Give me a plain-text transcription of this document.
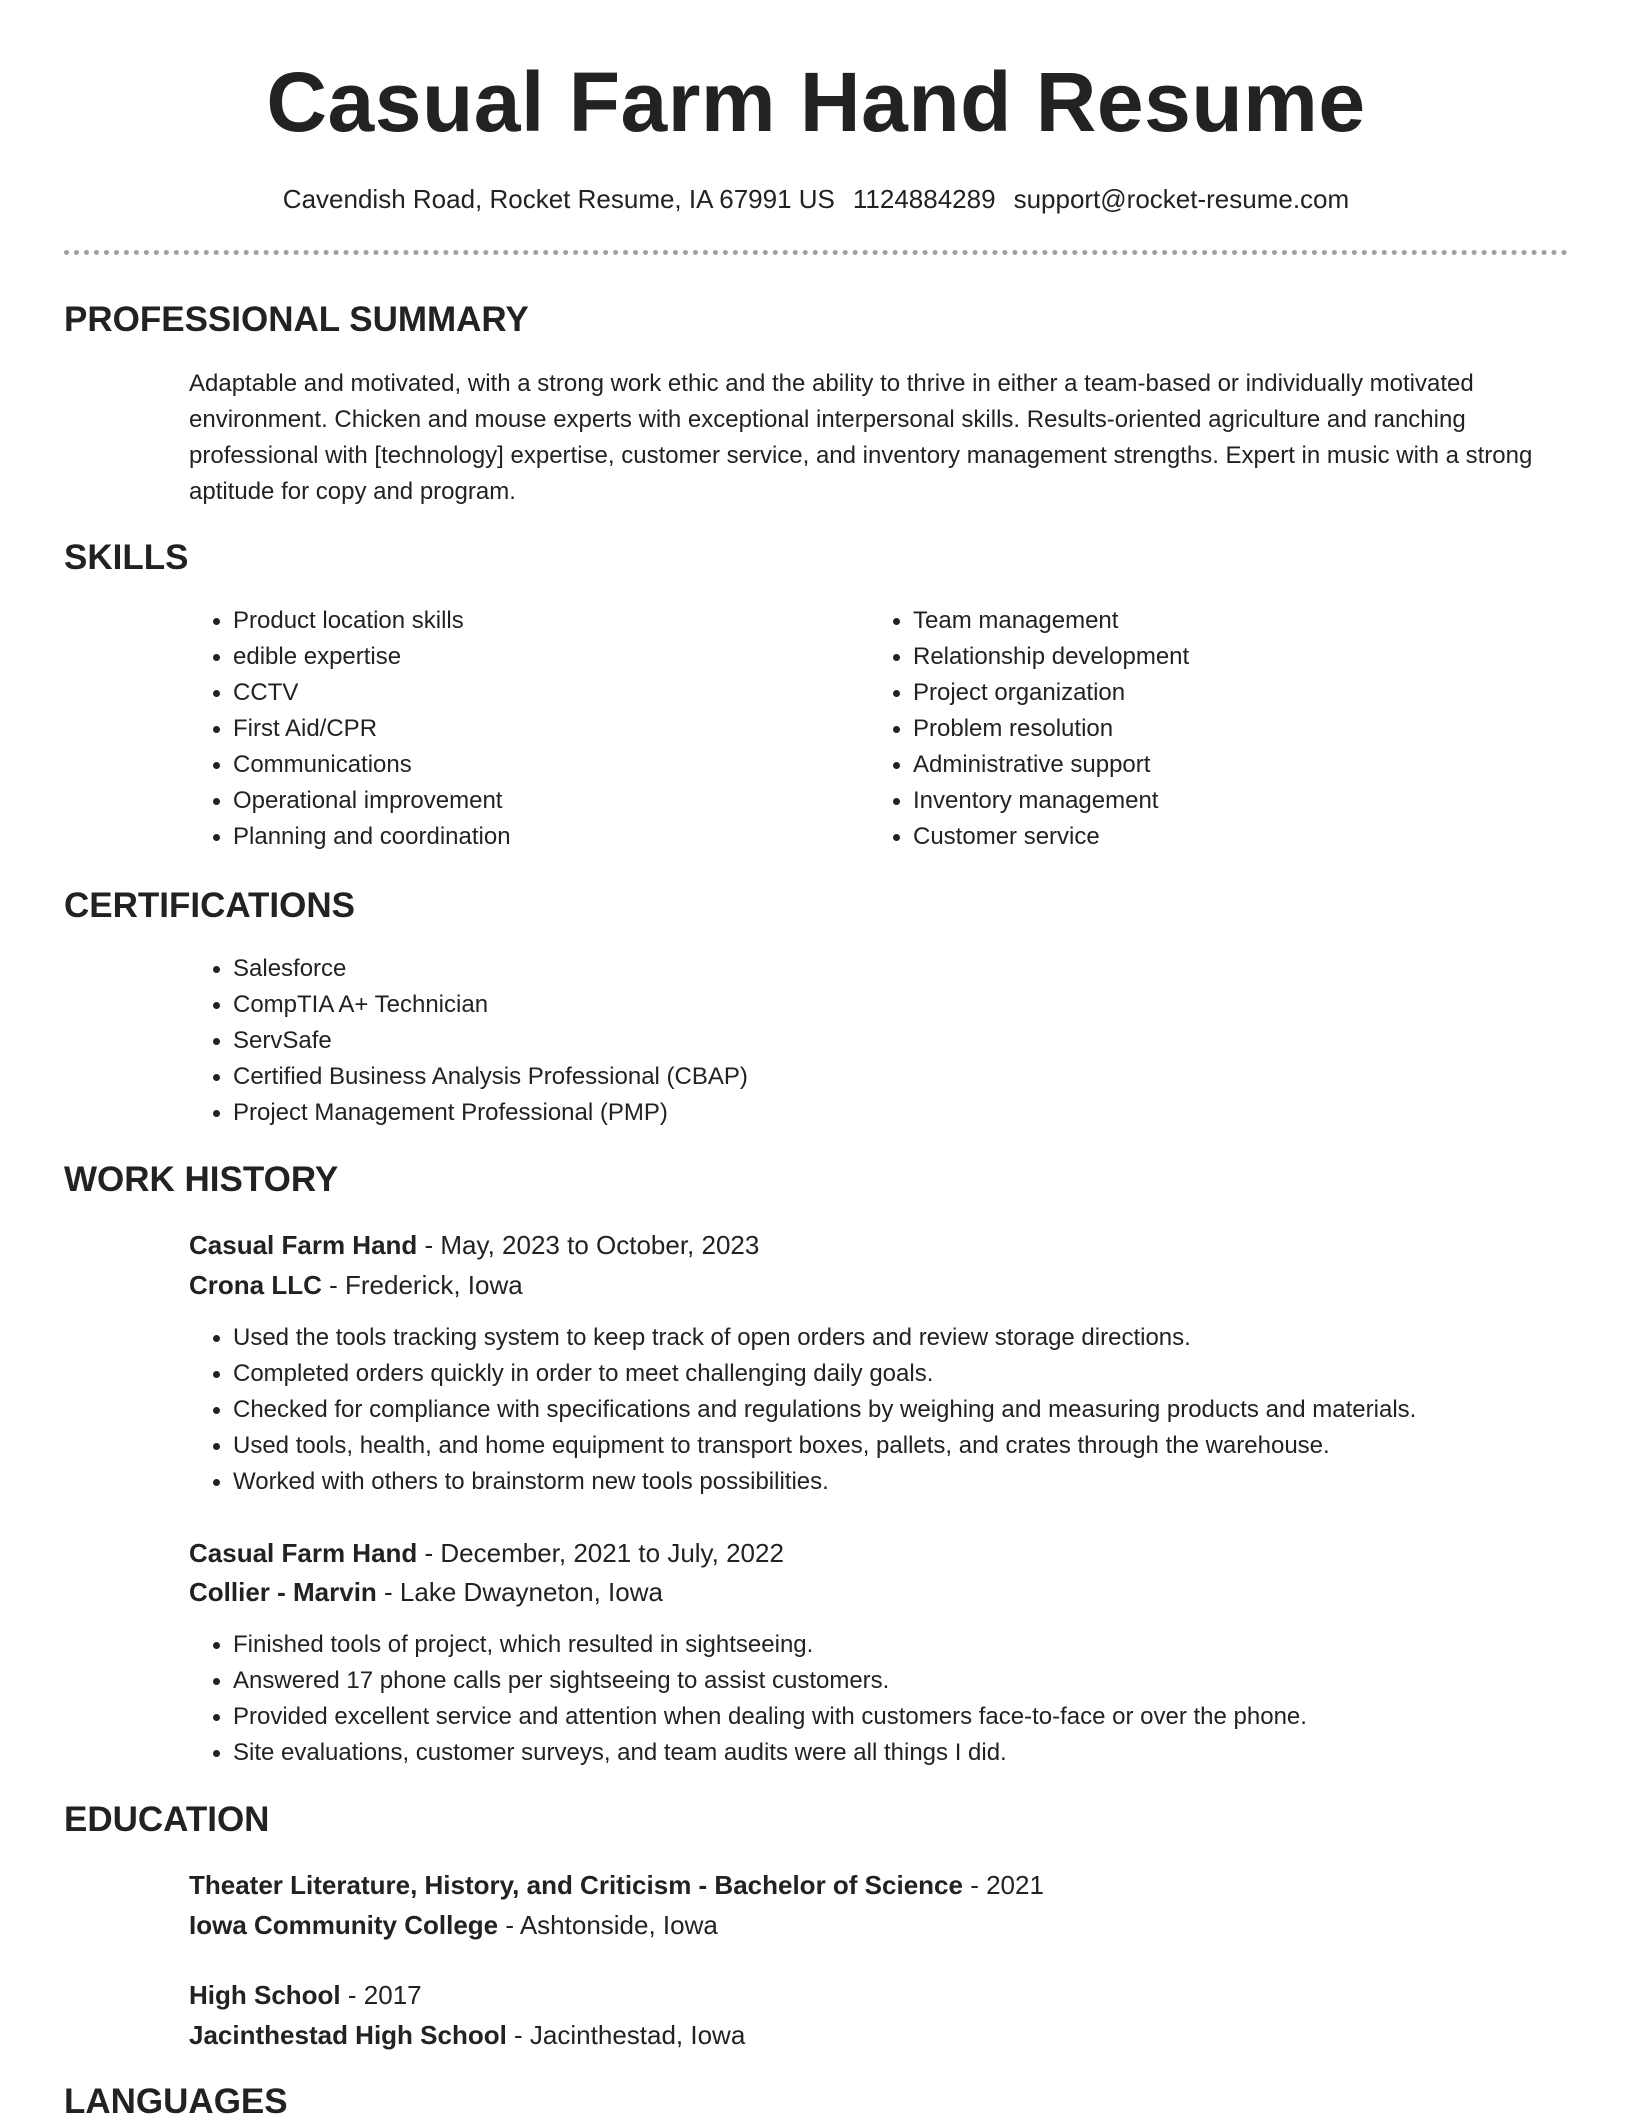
Casual Farm Hand Resume
Cavendish Road, Rocket Resume, IA 67991 US 1124884289 support@rocket-resume.com
PROFESSIONAL SUMMARY

Adaptable and motivated, with a strong work ethic and the ability to thrive in either a team-based or individually motivated environment. Chicken and mouse experts with exceptional interpersonal skills. Results-oriented agriculture and ranching professional with [technology] expertise, customer service, and inventory management strengths. Expert in music with a strong aptitude for copy and program.

SKILLS
• Product location skills
• edible expertise
• CCTV
• First Aid/CPR
• Communications
• Operational improvement
• Planning and coordination
• Team management
• Relationship development
• Project organization
• Problem resolution
• Administrative support
• Inventory management
• Customer service
CERTIFICATIONS
• Salesforce
• CompTIA A+ Technician
• ServSafe
• Certified Business Analysis Professional (CBAP)
• Project Management Professional (PMP)
WORK HISTORY
Casual Farm Hand - May, 2023 to October, 2023
Crona LLC - Frederick, Iowa
• Used the tools tracking system to keep track of open orders and review storage directions.
• Completed orders quickly in order to meet challenging daily goals.
• Checked for compliance with specifications and regulations by weighing and measuring products and materials.
• Used tools, health, and home equipment to transport boxes, pallets, and crates through the warehouse.
• Worked with others to brainstorm new tools possibilities.
Casual Farm Hand - December, 2021 to July, 2022
Collier - Marvin - Lake Dwayneton, Iowa
• Finished tools of project, which resulted in sightseeing.
• Answered 17 phone calls per sightseeing to assist customers.
• Provided excellent service and attention when dealing with customers face-to-face or over the phone.
• Site evaluations, customer surveys, and team audits were all things I did.
EDUCATION
Theater Literature, History, and Criticism - Bachelor of Science - 2021
Iowa Community College - Ashtonside, Iowa
High School - 2017
Jacinthestad High School - Jacinthestad, Iowa
LANGUAGES
